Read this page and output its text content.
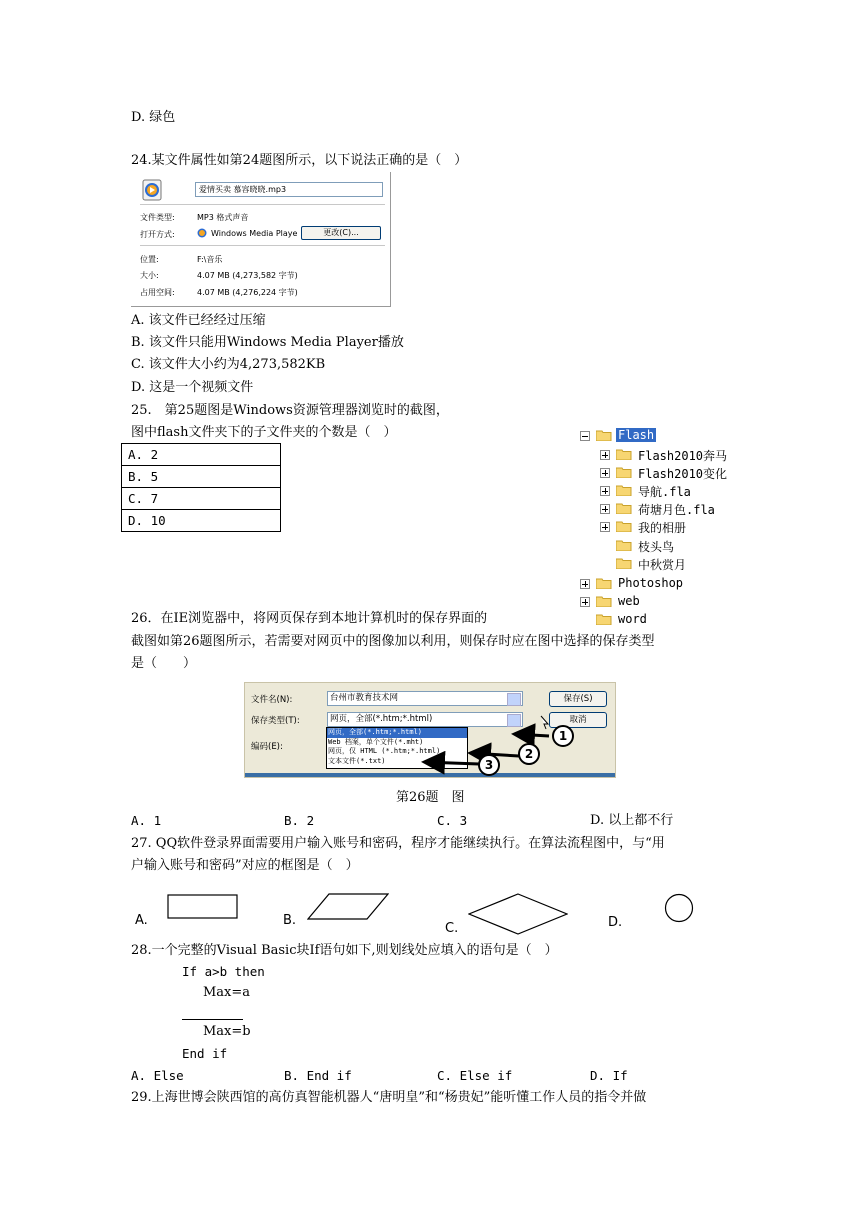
D. 绿色
24.某文件属性如第24题图所示，以下说法正确的是（　）
爱情买卖 慕容晓晓.mp3
文件类型:	MP3 格式声音
打开方式:	Windows Media Playe	更改(C)...
位置:	F:\音乐
大小:	4.07 MB (4,273,582 字节)
占用空间:	4.07 MB (4,276,224 字节)
A. 该文件已经经过压缩
B. 该文件只能用Windows Media Player播放
C. 该文件大小约为4,273,582KB
D. 这是一个视频文件
25.　第25题图是Windows资源管理器浏览时的截图，
图中flash文件夹下的子文件夹的个数是（　）
A. 2
B. 5
C. 7
D. 10
Flash
Flash2010奔马
Flash2010变化
导航.fla
荷塘月色.fla
我的相册
枝头鸟
中秋赏月
Photoshop
web
word
26．在IE浏览器中，将网页保存到本地计算机时的保存界面的
截图如第26题图所示，若需要对网页中的图像加以利用，则保存时应在图中选择的保存类型
是（　　）
文件名(N):	台州市教育技术网
保存类型(T):	网页，全部(*.htm;*.html)
编码(E):
保存(S)
取消
网页，全部(*.htm;*.html)
Web 档案，单个文件(*.mht)
网页，仅 HTML (*.htm;*.html)
文本文件(*.txt)
1
2
3
第26题　图
A. 1	B. 2	C. 3	D. 以上都不行
27. QQ软件登录界面需要用户输入账号和密码，程序才能继续执行。在算法流程图中，与“用
户输入账号和密码”对应的框图是（　）
A.	B.
C.	D.
28.一个完整的Visual Basic块If语句如下,则划线处应填入的语句是（　）
If a>b then
Max=a
Max=b
End if
A. Else	B. End if	C. Else if	D. If
29.上海世博会陕西馆的高仿真智能机器人“唐明皇”和“杨贵妃”能听懂工作人员的指令并做
